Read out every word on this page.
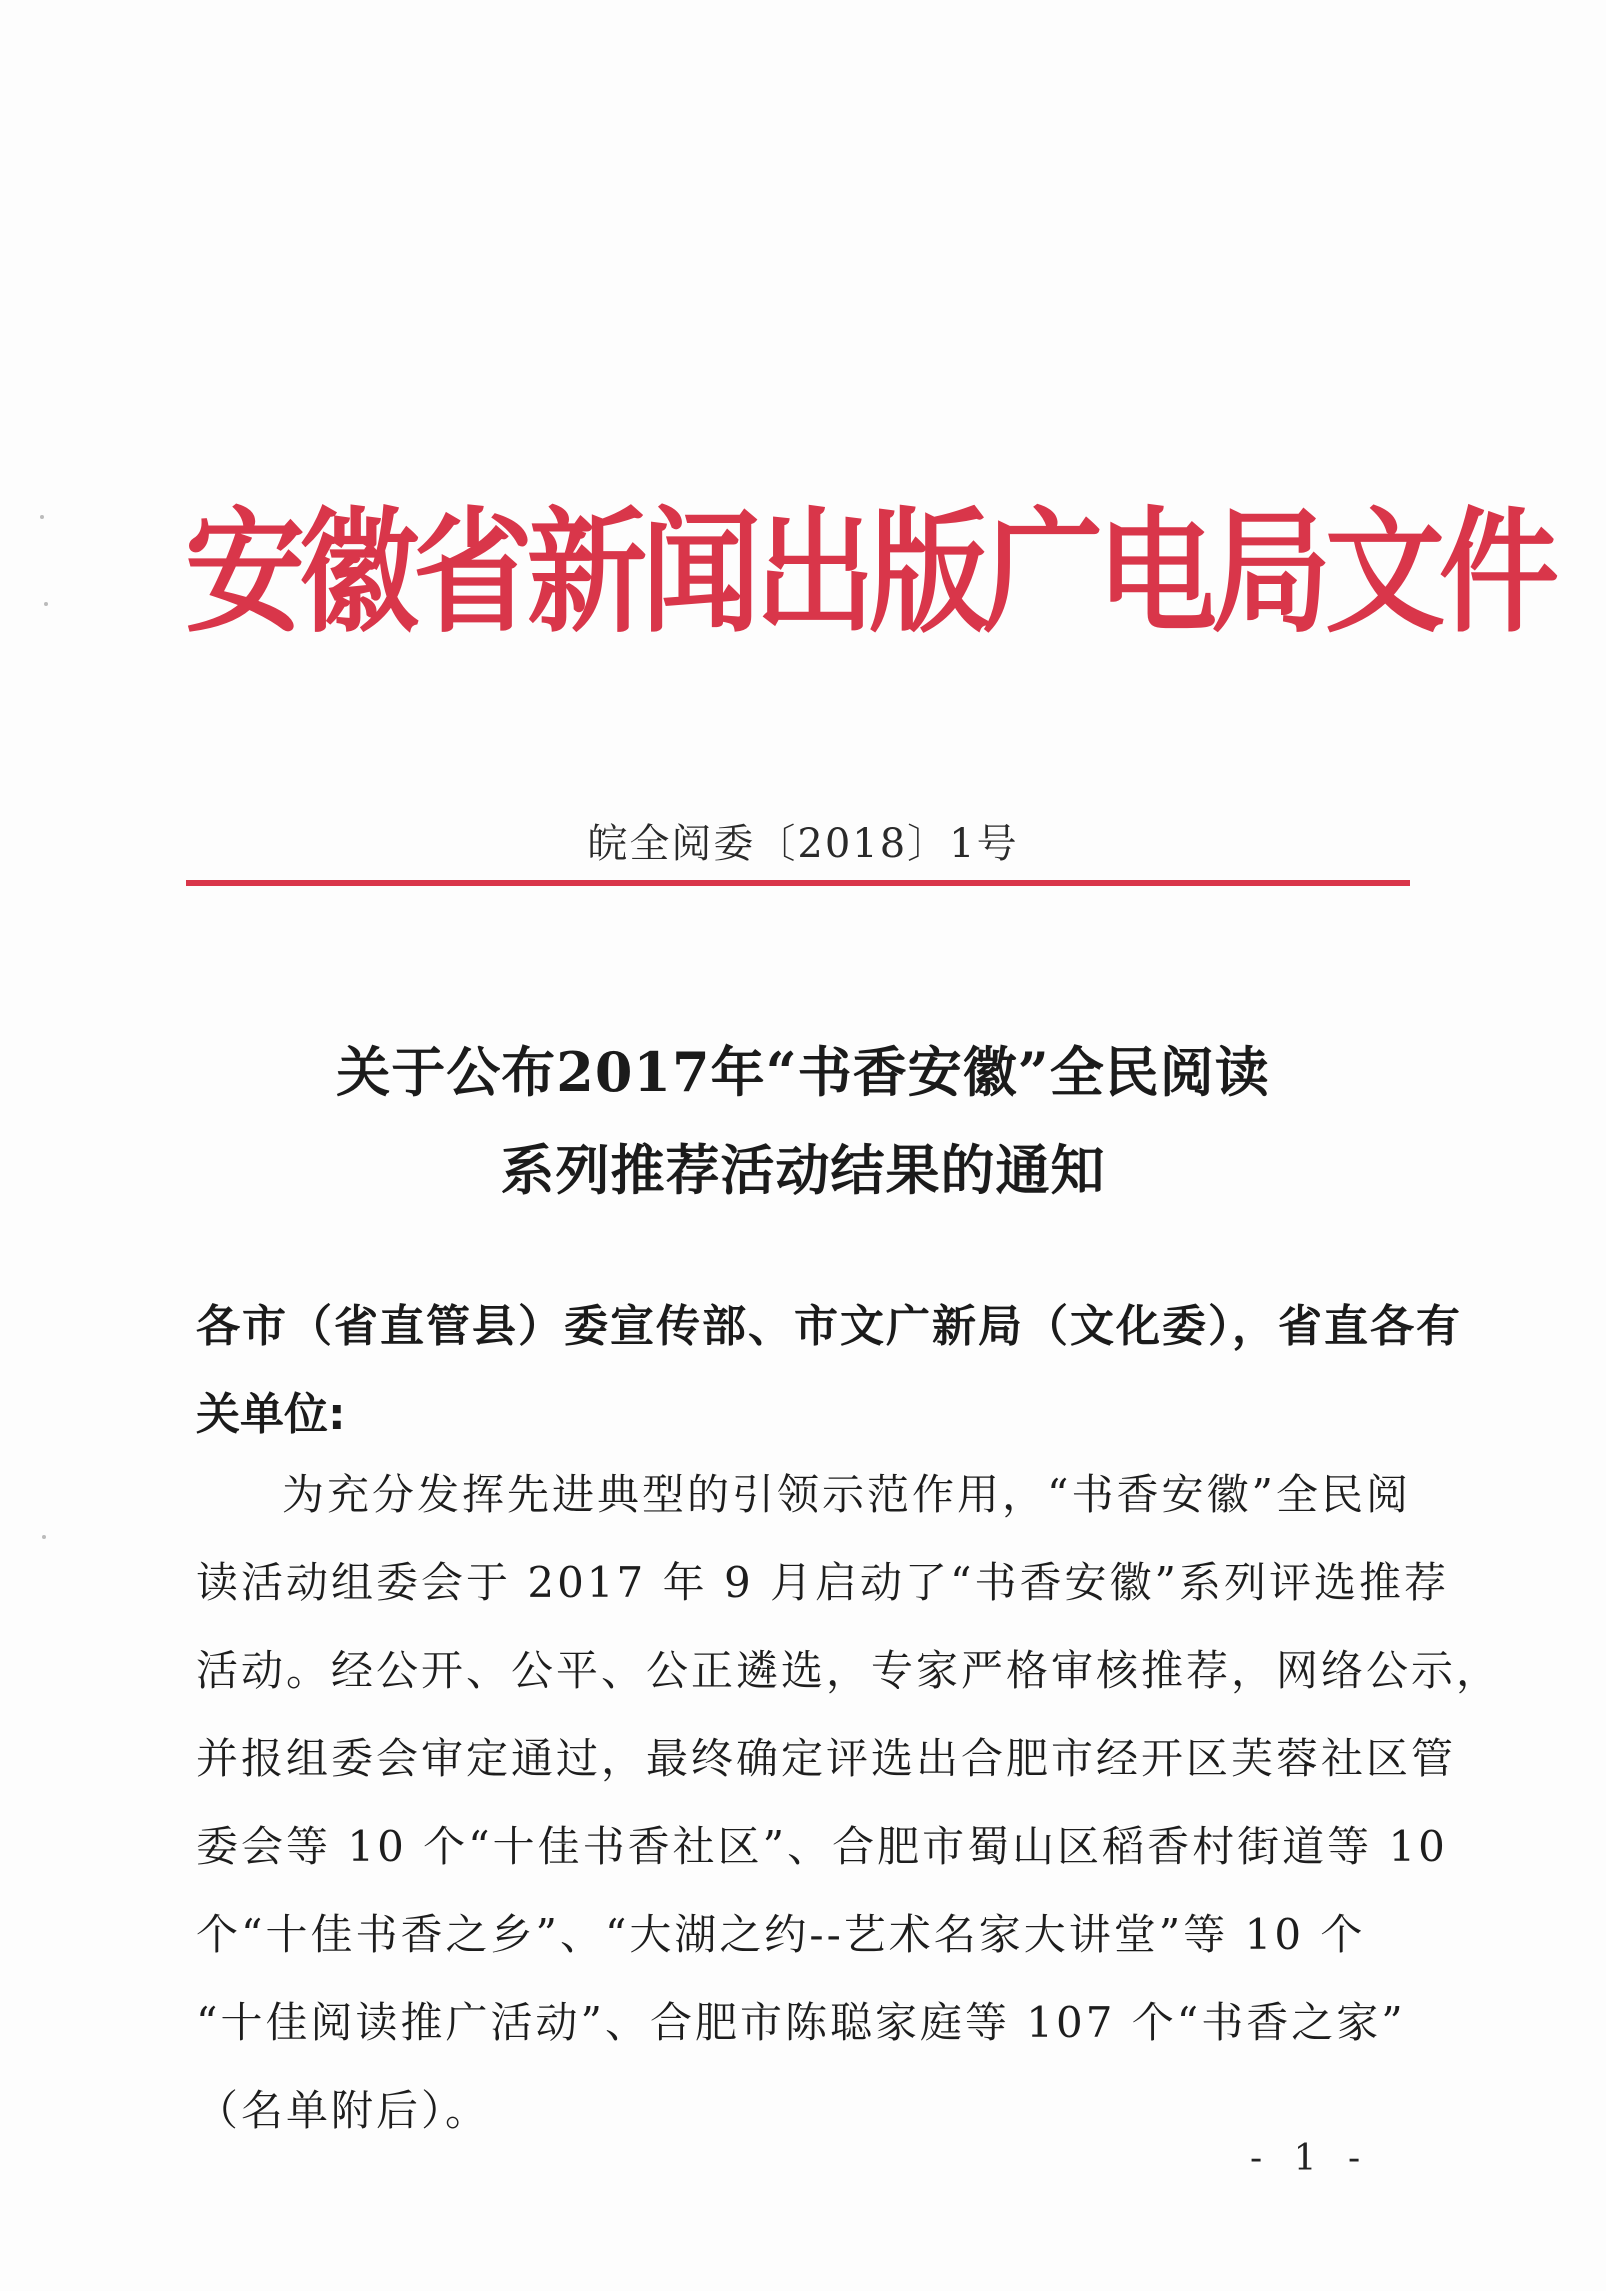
安徽省新闻出版广电局文件
皖全阅委〔2018〕1号
关于公布2017年“书香安徽”全民阅读
系列推荐活动结果的通知
各市（省直管县）委宣传部、市文广新局（文化委），省直各有
关单位:
为充分发挥先进典型的引领示范作用，“书香安徽”全民阅
读活动组委会于 2017 年 9 月启动了“书香安徽”系列评选推荐
活动。经公开、公平、公正遴选，专家严格审核推荐，网络公示，
并报组委会审定通过，最终确定评选出合肥市经开区芙蓉社区管
委会等 10 个“十佳书香社区”、合肥市蜀山区稻香村街道等 10
个“十佳书香之乡”、“大湖之约--艺术名家大讲堂”等 10 个
“十佳阅读推广活动”、合肥市陈聪家庭等 107 个“书香之家”
（名单附后）。
- 1 -
